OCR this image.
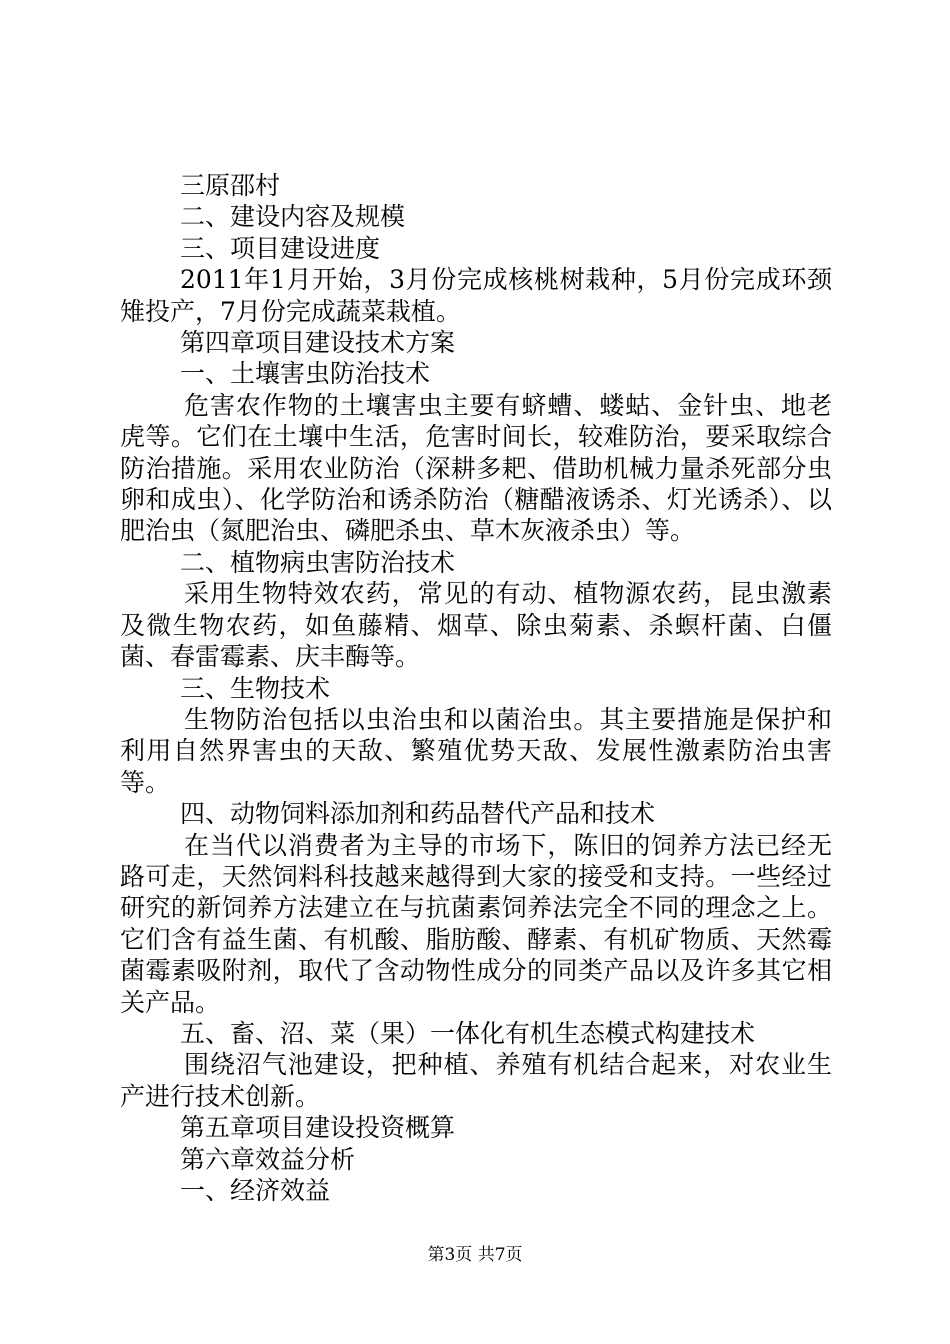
三原邵村

二、建设内容及规模

三、项目建设进度

2011年1月开始，3月份完成核桃树栽种，5月份完成环颈雉投产，7月份完成蔬菜栽植。

第四章项目建设技术方案

一、土壤害虫防治技术

危害农作物的土壤害虫主要有蛴螬、蝼蛄、金针虫、地老虎等。它们在土壤中生活，危害时间长，较难防治，要采取综合防治措施。采用农业防治（深耕多耙、借助机械力量杀死部分虫卵和成虫）、化学防治和诱杀防治（糖醋液诱杀、灯光诱杀）、以肥治虫（氮肥治虫、磷肥杀虫、草木灰液杀虫）等。

二、植物病虫害防治技术

采用生物特效农药，常见的有动、植物源农药，昆虫激素及微生物农药，如鱼藤精、烟草、除虫菊素、杀螟杆菌、白僵菌、春雷霉素、庆丰酶等。

三、生物技术

生物防治包括以虫治虫和以菌治虫。其主要措施是保护和利用自然界害虫的天敌、繁殖优势天敌、发展性激素防治虫害等。

四、动物饲料添加剂和药品替代产品和技术

在当代以消费者为主导的市场下，陈旧的饲养方法已经无路可走，天然饲料科技越来越得到大家的接受和支持。一些经过研究的新饲养方法建立在与抗菌素饲养法完全不同的理念之上。它们含有益生菌、有机酸、脂肪酸、酵素、有机矿物质、天然霉菌霉素吸附剂，取代了含动物性成分的同类产品以及许多其它相关产品。

五、畜、沼、菜（果）一体化有机生态模式构建技术

围绕沼气池建设，把种植、养殖有机结合起来，对农业生产进行技术创新。

第五章项目建设投资概算

第六章效益分析

一、经济效益

第3页 共7页
